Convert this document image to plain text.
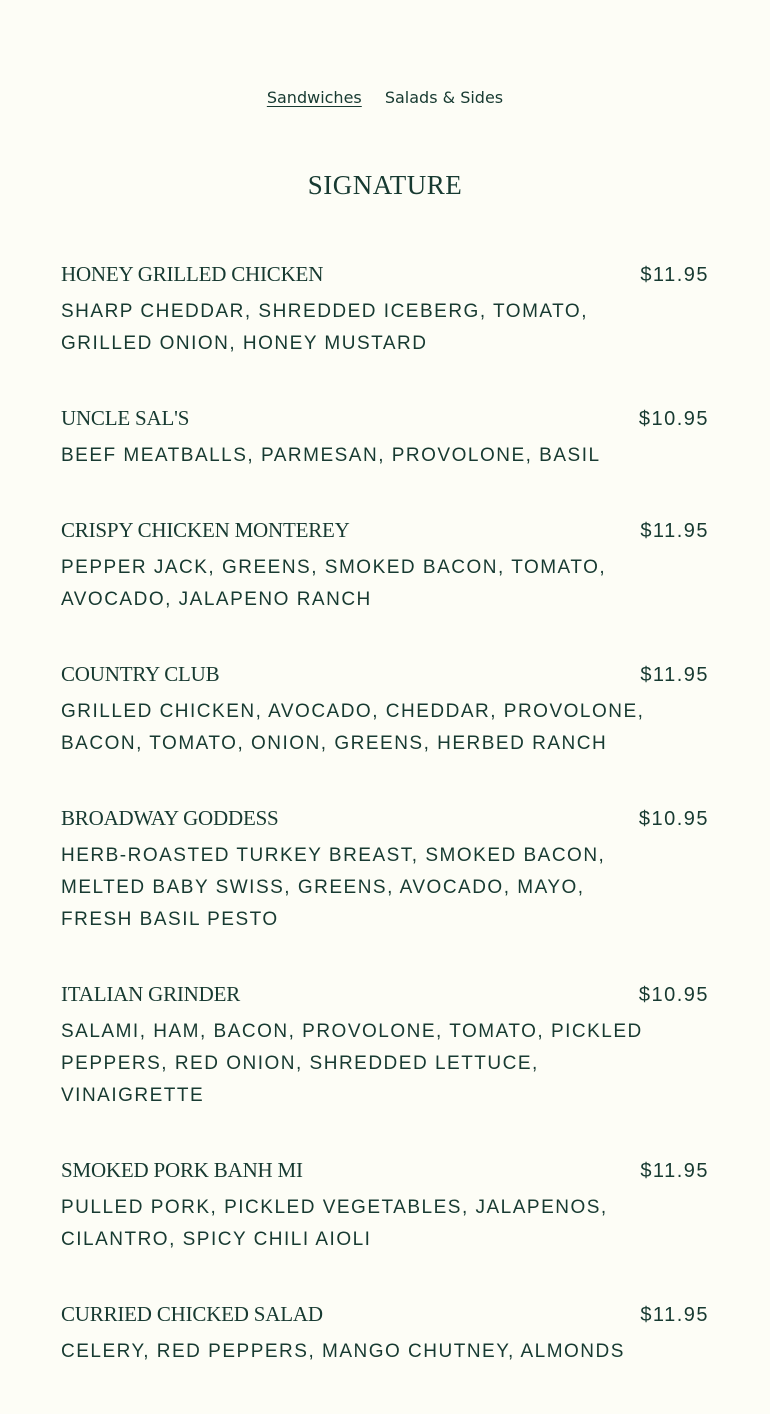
Sandwiches Salads & Sides
SIGNATURE
HONEY GRILLED CHICKEN	$11.95
SHARP CHEDDAR, SHREDDED ICEBERG, TOMATO, GRILLED ONION, HONEY MUSTARD
UNCLE SAL'S	$10.95
BEEF MEATBALLS, PARMESAN, PROVOLONE, BASIL
CRISPY CHICKEN MONTEREY	$11.95
PEPPER JACK, GREENS, SMOKED BACON, TOMATO, AVOCADO, JALAPENO RANCH
COUNTRY CLUB	$11.95
GRILLED CHICKEN, AVOCADO, CHEDDAR, PROVOLONE, BACON, TOMATO, ONION, GREENS, HERBED RANCH
BROADWAY GODDESS	$10.95
HERB-ROASTED TURKEY BREAST, SMOKED BACON, MELTED BABY SWISS, GREENS, AVOCADO, MAYO, FRESH BASIL PESTO
ITALIAN GRINDER	$10.95
SALAMI, HAM, BACON, PROVOLONE, TOMATO, PICKLED PEPPERS, RED ONION, SHREDDED LETTUCE, VINAIGRETTE
SMOKED PORK BANH MI	$11.95
PULLED PORK, PICKLED VEGETABLES, JALAPENOS, CILANTRO, SPICY CHILI AIOLI
CURRIED CHICKED SALAD	$11.95
CELERY, RED PEPPERS, MANGO CHUTNEY, ALMONDS
